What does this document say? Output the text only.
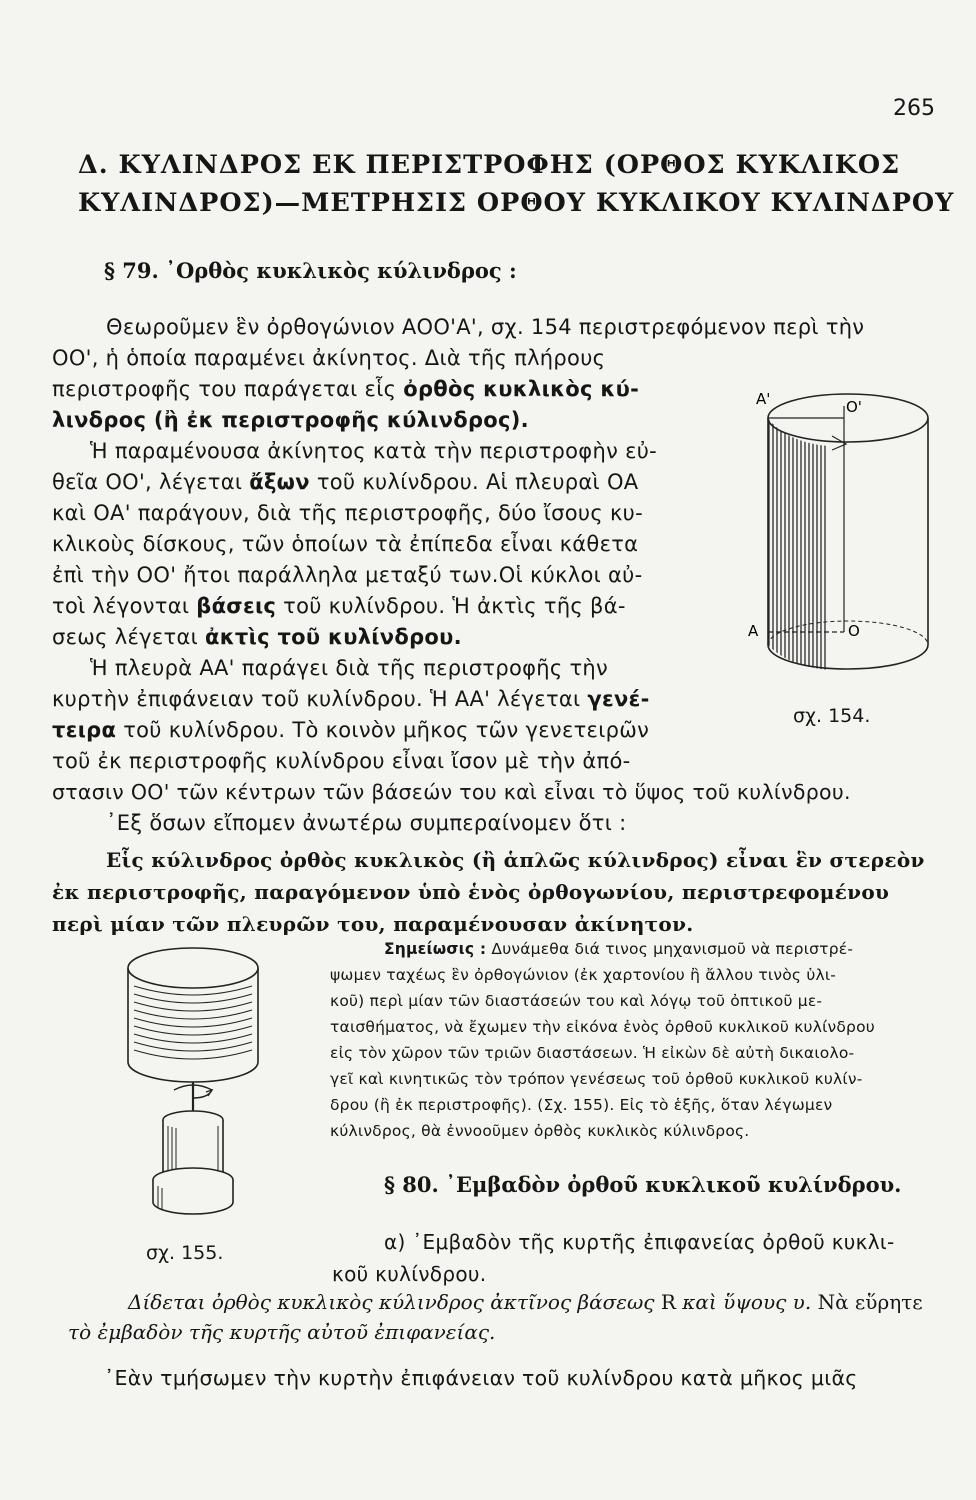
265
Δ. ΚΥΛΙΝΔΡΟΣ ΕΚ ΠΕΡΙΣΤΡΟΦΗΣ (ΟΡΘΟΣ ΚΥΚΛΙΚΟΣ
ΚΥΛΙΝΔΡΟΣ)—ΜΕΤΡΗΣΙΣ ΟΡΘΟΥ ΚΥΚΛΙΚΟΥ ΚΥΛΙΝΔΡΟΥ
§ 79. ᾿Ορθὸς κυκλικὸς κύλινδρος :
Θεωροῦμεν ἓν ὀρθογώνιον ΑΟΟ'Α', σχ. 154 περιστρεφόμενον περὶ τὴν
ΟΟ', ἡ ὁποία παραμένει ἀκίνητος. Διὰ τῆς πλήρους
περιστροφῆς του παράγεται εἷς ὀρθὸς κυκλικὸς κύ-
λινδρος (ἢ ἐκ περιστροφῆς κύλινδρος).
Ἡ παραμένουσα ἀκίνητος κατὰ τὴν περιστροφὴν εὐ-
θεῖα ΟΟ', λέγεται ἄξων τοῦ κυλίνδρου. Αἱ πλευραὶ ΟΑ
καὶ ΟΑ' παράγουν, διὰ τῆς περιστροφῆς, δύο ἴσους κυ-
κλικοὺς δίσκους, τῶν ὁποίων τὰ ἐπίπεδα εἶναι κάθετα
ἐπὶ τὴν ΟΟ' ἤτοι παράλληλα μεταξύ των.Οἱ κύκλοι αὐ-
τοὶ λέγονται βάσεις τοῦ κυλίνδρου. Ἡ ἀκτὶς τῆς βά-
σεως λέγεται ἀκτὶς τοῦ κυλίνδρου.
Ἡ πλευρὰ ΑΑ' παράγει διὰ τῆς περιστροφῆς τὴν
κυρτὴν ἐπιφάνειαν τοῦ κυλίνδρου. Ἡ ΑΑ' λέγεται γενέ-
τειρα τοῦ κυλίνδρου. Τὸ κοινὸν μῆκος τῶν γενετειρῶν
τοῦ ἐκ περιστροφῆς κυλίνδρου εἶναι ἴσον μὲ τὴν ἀπό-
στασιν ΟΟ' τῶν κέντρων τῶν βάσεών του καὶ εἶναι τὸ ὕψος τοῦ κυλίνδρου.
᾿Εξ ὅσων εἴπομεν ἀνωτέρω συμπεραίνομεν ὅτι :
Εἷς κύλινδρος ὀρθὸς κυκλικὸς (ἢ ἁπλῶς κύλινδρος) εἶναι ἓν στερεὸν
ἐκ περιστροφῆς, παραγόμενον ὑπὸ ἑνὸς ὀρθογωνίου, περιστρεφομένου
περὶ μίαν τῶν πλευρῶν του, παραμένουσαν ἀκίνητον.
Α'	Ο'
Α	Ο
σχ. 154.
Σημείωσις : Δυνάμεθα διά τινος μηχανισμοῦ νὰ περιστρέ-
ψωμεν ταχέως ἓν ὀρθογώνιον (ἐκ χαρτονίου ἢ ἄλλου τινὸς ὑλι-
κοῦ) περὶ μίαν τῶν διαστάσεών του καὶ λόγῳ τοῦ ὀπτικοῦ με-
ταισθήματος, νὰ ἔχωμεν τὴν εἰκόνα ἑνὸς ὀρθοῦ κυκλικοῦ κυλίνδρου
εἰς τὸν χῶρον τῶν τριῶν διαστάσεων. Ἡ εἰκὼν δὲ αὐτὴ δικαιολο-
γεῖ καὶ κινητικῶς τὸν τρόπον γενέσεως τοῦ ὀρθοῦ κυκλικοῦ κυλίν-
δρου (ἢ ἐκ περιστροφῆς). (Σχ. 155). Εἰς τὸ ἑξῆς, ὅταν λέγωμεν
κύλινδρος, θὰ ἐννοοῦμεν ὀρθὸς κυκλικὸς κύλινδρος.
σχ. 155.
§ 80. ᾿Εμβαδὸν ὀρθοῦ κυκλικοῦ κυλίνδρου.
α) ᾿Εμβαδὸν τῆς κυρτῆς ἐπιφανείας ὀρθοῦ κυκλι-
κοῦ κυλίνδρου.
Δίδεται ὀρθὸς κυκλικὸς κύλινδρος ἀκτῖνος βάσεως R καὶ ὕψους υ. Νὰ εὕρητε
τὸ ἐμβαδὸν τῆς κυρτῆς αὐτοῦ ἐπιφανείας.
᾿Εὰν τμήσωμεν τὴν κυρτὴν ἐπιφάνειαν τοῦ κυλίνδρου κατὰ μῆκος μιᾶς
